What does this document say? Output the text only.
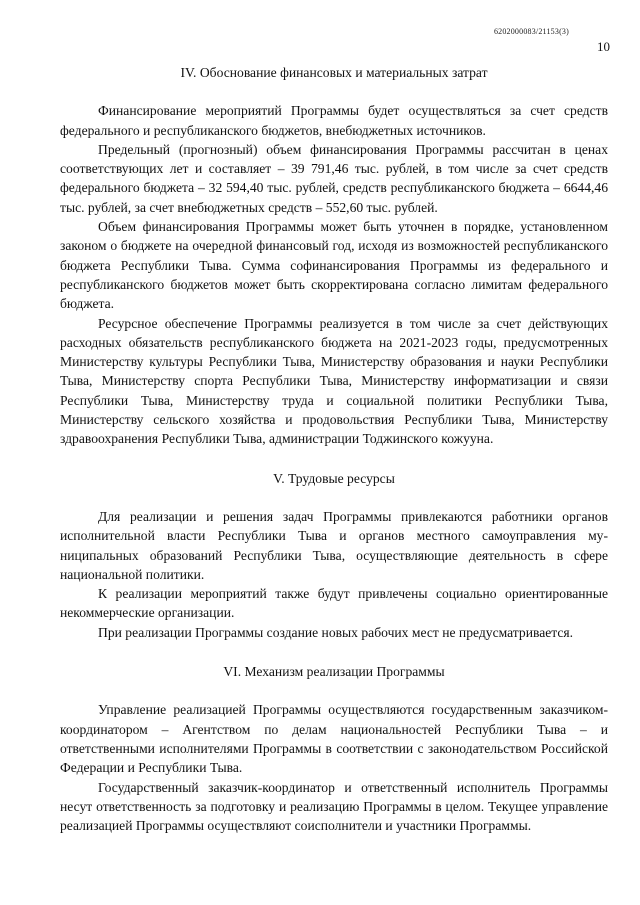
6202000083/21153(3)
10
IV. Обоснование финансовых и материальных затрат

Финансирование мероприятий Программы будет осуществляться за счет средств федерального и республиканского бюджетов, внебюджетных источников.

Предельный (прогнозный) объем финансирования Программы рассчитан в ценах соответствующих лет и составляет – 39 791,46 тыс. рублей, в том числе за счет средств федерального бюджета – 32 594,40 тыс. рублей, средств республиканского бюджета – 6644,46 тыс. рублей, за счет внебюджетных средств – 552,60 тыс. рублей.

Объем финансирования Программы может быть уточнен в порядке, установленном законом о бюджете на очередной финансовый год, исходя из возможностей республиканского бюджета Республики Тыва. Сумма софинансирования Программы из федерального и республиканского бюджетов может быть скорректирована согласно лимитам федерального бюджета.

Ресурсное обеспечение Программы реализуется в том числе за счет действующих расходных обязательств республиканского бюджета на 2021-2023 годы, предусмотренных Министерству культуры Республики Тыва, Министерству образования и науки Республики Тыва, Министерству спорта Республики Тыва, Министерству информатизации и связи Республики Тыва, Министерству труда и социальной политики Республики Тыва, Министерству сельского хозяйства и продовольствия Республики Тыва, Министерству здравоохранения Республики Тыва, администрации Тоджинского кожууна.

V. Трудовые ресурсы

Для реализации и решения задач Программы привлекаются работники органов исполнительной власти Республики Тыва и органов местного самоуправления муниципальных образований Республики Тыва, осуществляющие деятельность в сфере национальной политики.

К реализации мероприятий также будут привлечены социально ориентированные некоммерческие организации.

При реализации Программы создание новых рабочих мест не предусматривается.

VI. Механизм реализации Программы

Управление реализацией Программы осуществляются государственным заказчиком-координатором – Агентством по делам национальностей Республики Тыва – и ответственными исполнителями Программы в соответствии с законодательством Российской Федерации и Республики Тыва.

Государственный заказчик-координатор и ответственный исполнитель Программы несут ответственность за подготовку и реализацию Программы в целом. Текущее управление реализацией Программы осуществляют соисполнители и участники Программы.
